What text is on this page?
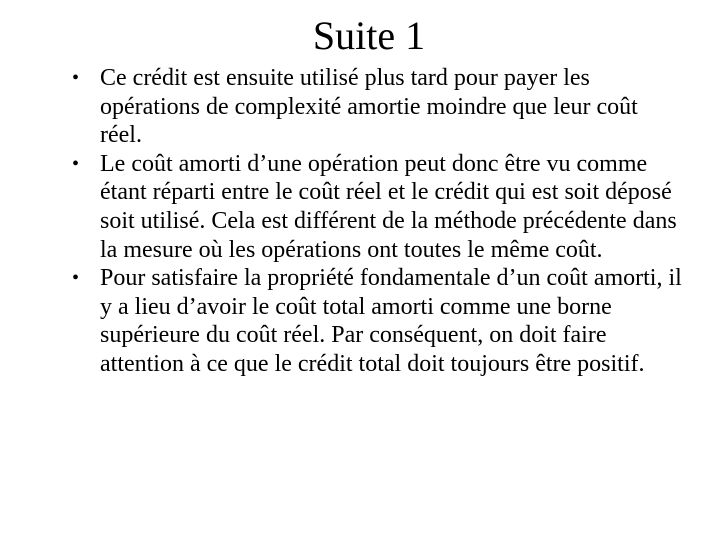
Suite 1
• Ce crédit est ensuite utilisé plus tard pour payer les opérations de complexité amortie moindre que leur coût réel.
• Le coût amorti d’une opération peut donc être vu comme étant réparti entre le coût réel et le crédit qui est soit déposé soit utilisé. Cela est différent de la méthode précédente dans la mesure où les opérations ont toutes le même coût.
• Pour satisfaire la propriété fondamentale d’un coût amorti, il y a lieu d’avoir le coût total amorti comme une borne supérieure du coût réel. Par conséquent, on doit faire attention à ce que le crédit total doit toujours être positif.
